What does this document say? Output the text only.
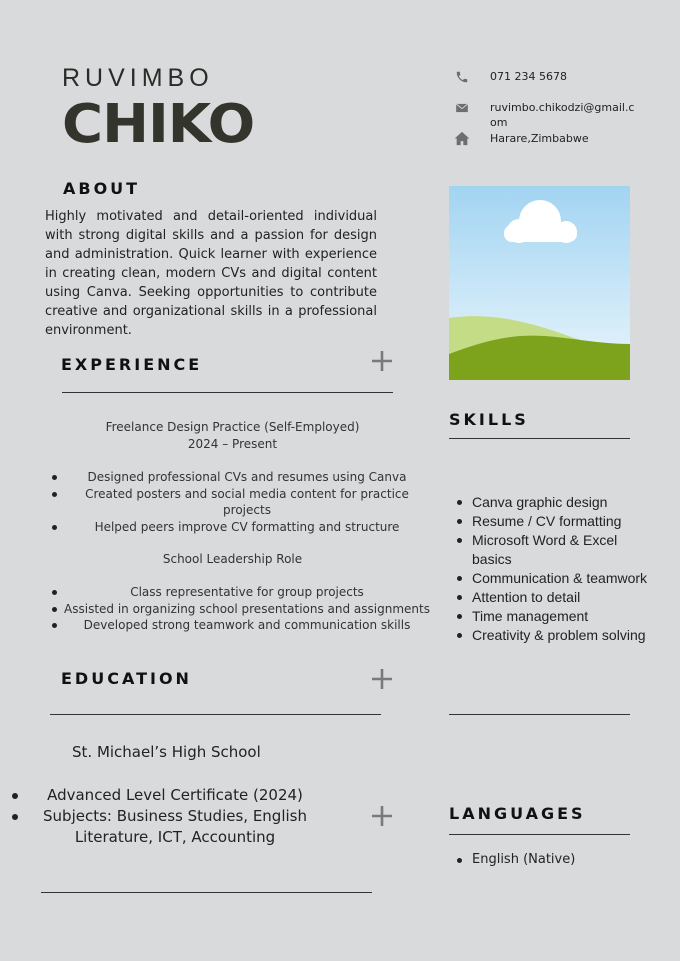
RUVIMBO
CHIKO
071 234 5678
ruvimbo.chikodzi@gmail.com
Harare,Zimbabwe
ABOUT
Highly motivated and detail-oriented individual with strong digital skills and a passion for design and administration. Quick learner with experience in creating clean, modern CVs and digital content using Canva. Seeking opportunities to contribute creative and organizational skills in a professional environment.
EXPERIENCE
Freelance Design Practice (Self-Employed)
2024 – Present
Designed professional CVs and resumes using Canva
Created posters and social media content for practice projects
Helped peers improve CV formatting and structure
School Leadership Role
Class representative for group projects
Assisted in organizing school presentations and assignments
Developed strong teamwork and communication skills
EDUCATION
St. Michael’s High School
Advanced Level Certificate (2024)
Subjects: Business Studies, English Literature, ICT, Accounting
SKILLS
Canva graphic design
Resume / CV formatting
Microsoft Word & Excel basics
Communication & teamwork
Attention to detail
Time management
Creativity & problem solving
LANGUAGES
English (Native)
